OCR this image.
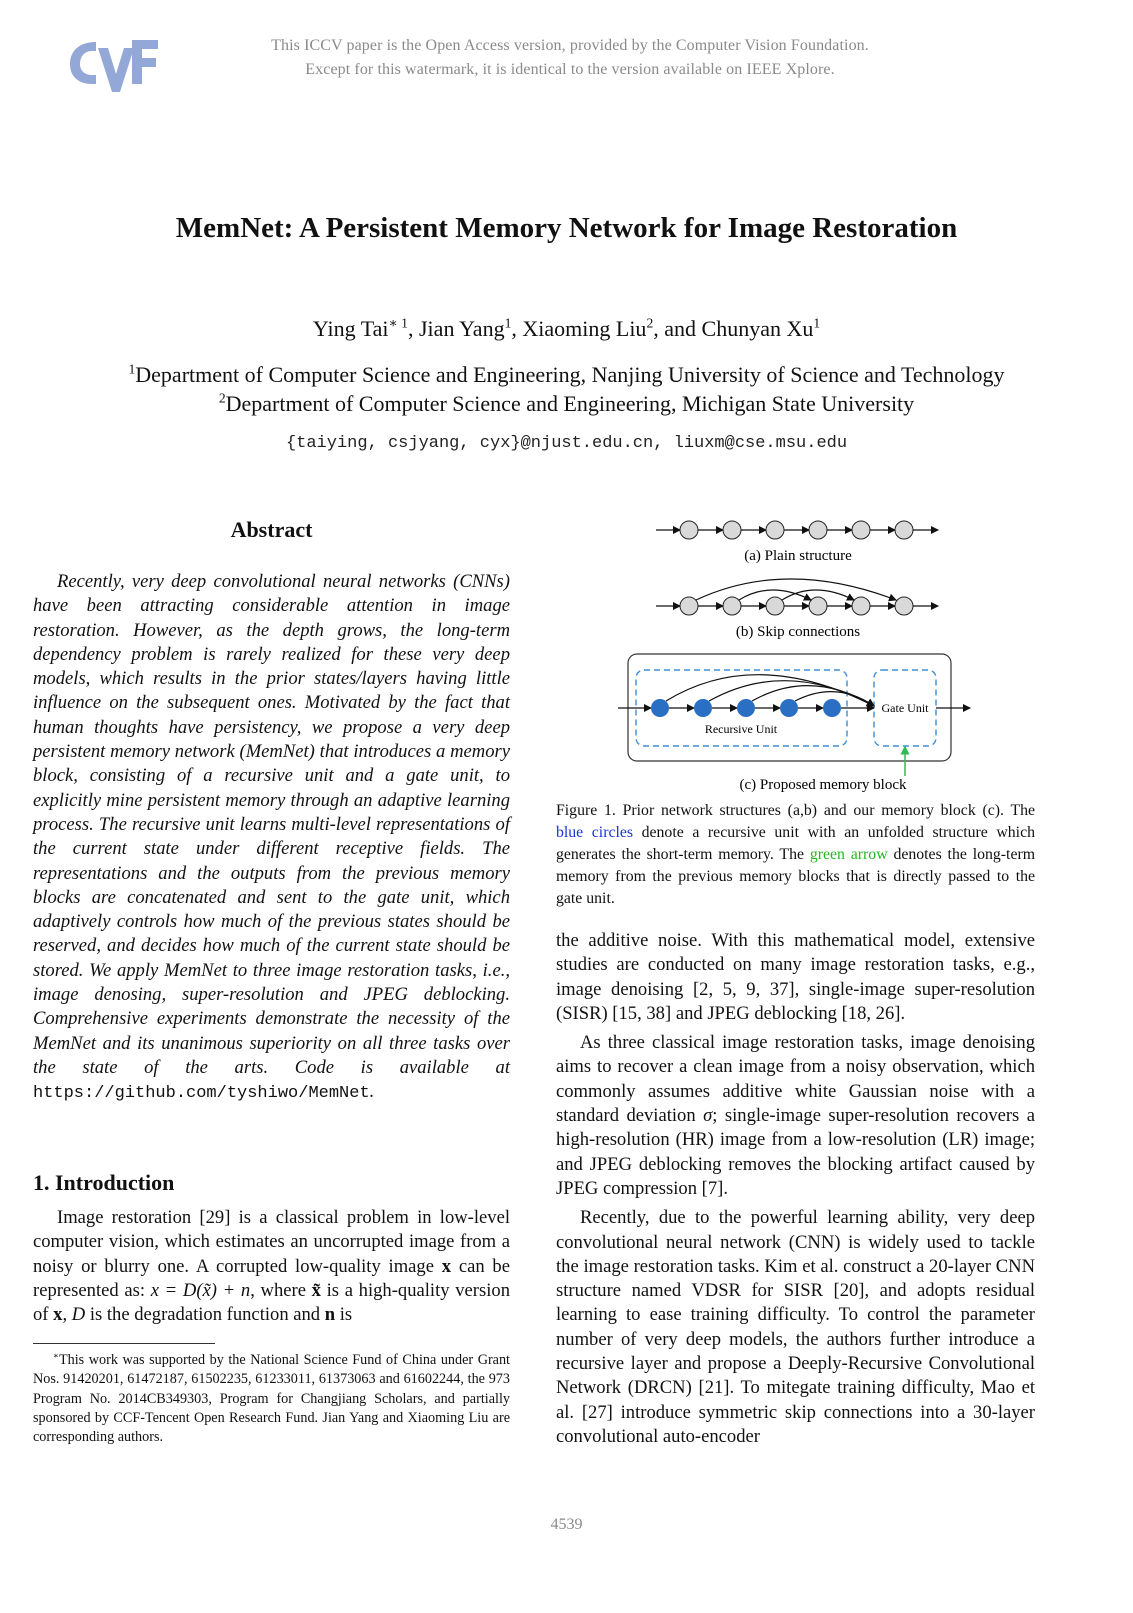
This ICCV paper is the Open Access version, provided by the Computer Vision Foundation.
Except for this watermark, it is identical to the version available on IEEE Xplore.
MemNet: A Persistent Memory Network for Image Restoration
Ying Tai$^{∗ 1}$, Jian Yang$^1$, Xiaoming Liu$^2$, and Chunyan Xu$^1$
$^1$Department of Computer Science and Engineering, Nanjing University of Science and Technology
$^2$Department of Computer Science and Engineering, Michigan State University
{taiying, csjyang, cyx}@njust.edu.cn, liuxm@cse.msu.edu
Abstract

Recently, very deep convolutional neural networks (CNNs) have been attracting considerable attention in image restoration. However, as the depth grows, the long-term dependency problem is rarely realized for these very deep models, which results in the prior states/layers having little influence on the subsequent ones. Motivated by the fact that human thoughts have persistency, we propose a very deep persistent memory network (MemNet) that introduces a memory block, consisting of a recursive unit and a gate unit, to explicitly mine persistent memory through an adaptive learning process. The recursive unit learns multi-level representations of the current state under different receptive fields. The representations and the outputs from the previous memory blocks are concatenated and sent to the gate unit, which adaptively controls how much of the previous states should be reserved, and decides how much of the current state should be stored. We apply MemNet to three image restoration tasks, i.e., image denosing, super-resolution and JPEG deblocking. Comprehensive experiments demonstrate the necessity of the MemNet and its unanimous superiority on all three tasks over the state of the arts. Code is available at https://github.com/tyshiwo/MemNet.

1. Introduction

Image restoration [29] is a classical problem in low-level computer vision, which estimates an uncorrupted image from a noisy or blurry one. A corrupted low-quality image x can be represented as: x = D(x̃) + n, where x̃ is a high-quality version of x, D is the degradation function and n is

∗This work was supported by the National Science Fund of China under Grant Nos. 91420201, 61472187, 61502235, 61233011, 61373063 and 61602244, the 973 Program No. 2014CB349303, Program for Changjiang Scholars, and partially sponsored by CCF-Tencent Open Research Fund. Jian Yang and Xiaoming Liu are corresponding authors.

(a) Plain structure
(b) Skip connections
Recursive Unit
Gate Unit
(c) Proposed memory block

Figure 1. Prior network structures (a,b) and our memory block (c). The blue circles denote a recursive unit with an unfolded structure which generates the short-term memory. The green arrow denotes the long-term memory from the previous memory blocks that is directly passed to the gate unit.

the additive noise. With this mathematical model, extensive studies are conducted on many image restoration tasks, e.g., image denoising [2, 5, 9, 37], single-image super-resolution (SISR) [15, 38] and JPEG deblocking [18, 26].

As three classical image restoration tasks, image denoising aims to recover a clean image from a noisy observation, which commonly assumes additive white Gaussian noise with a standard deviation σ; single-image super-resolution recovers a high-resolution (HR) image from a low-resolution (LR) image; and JPEG deblocking removes the blocking artifact caused by JPEG compression [7].

Recently, due to the powerful learning ability, very deep convolutional neural network (CNN) is widely used to tackle the image restoration tasks. Kim et al. construct a 20-layer CNN structure named VDSR for SISR [20], and adopts residual learning to ease training difficulty. To control the parameter number of very deep models, the authors further introduce a recursive layer and propose a Deeply-Recursive Convolutional Network (DRCN) [21]. To mitegate training difficulty, Mao et al. [27] introduce symmetric skip connections into a 30-layer convolutional auto-encoder

4539
